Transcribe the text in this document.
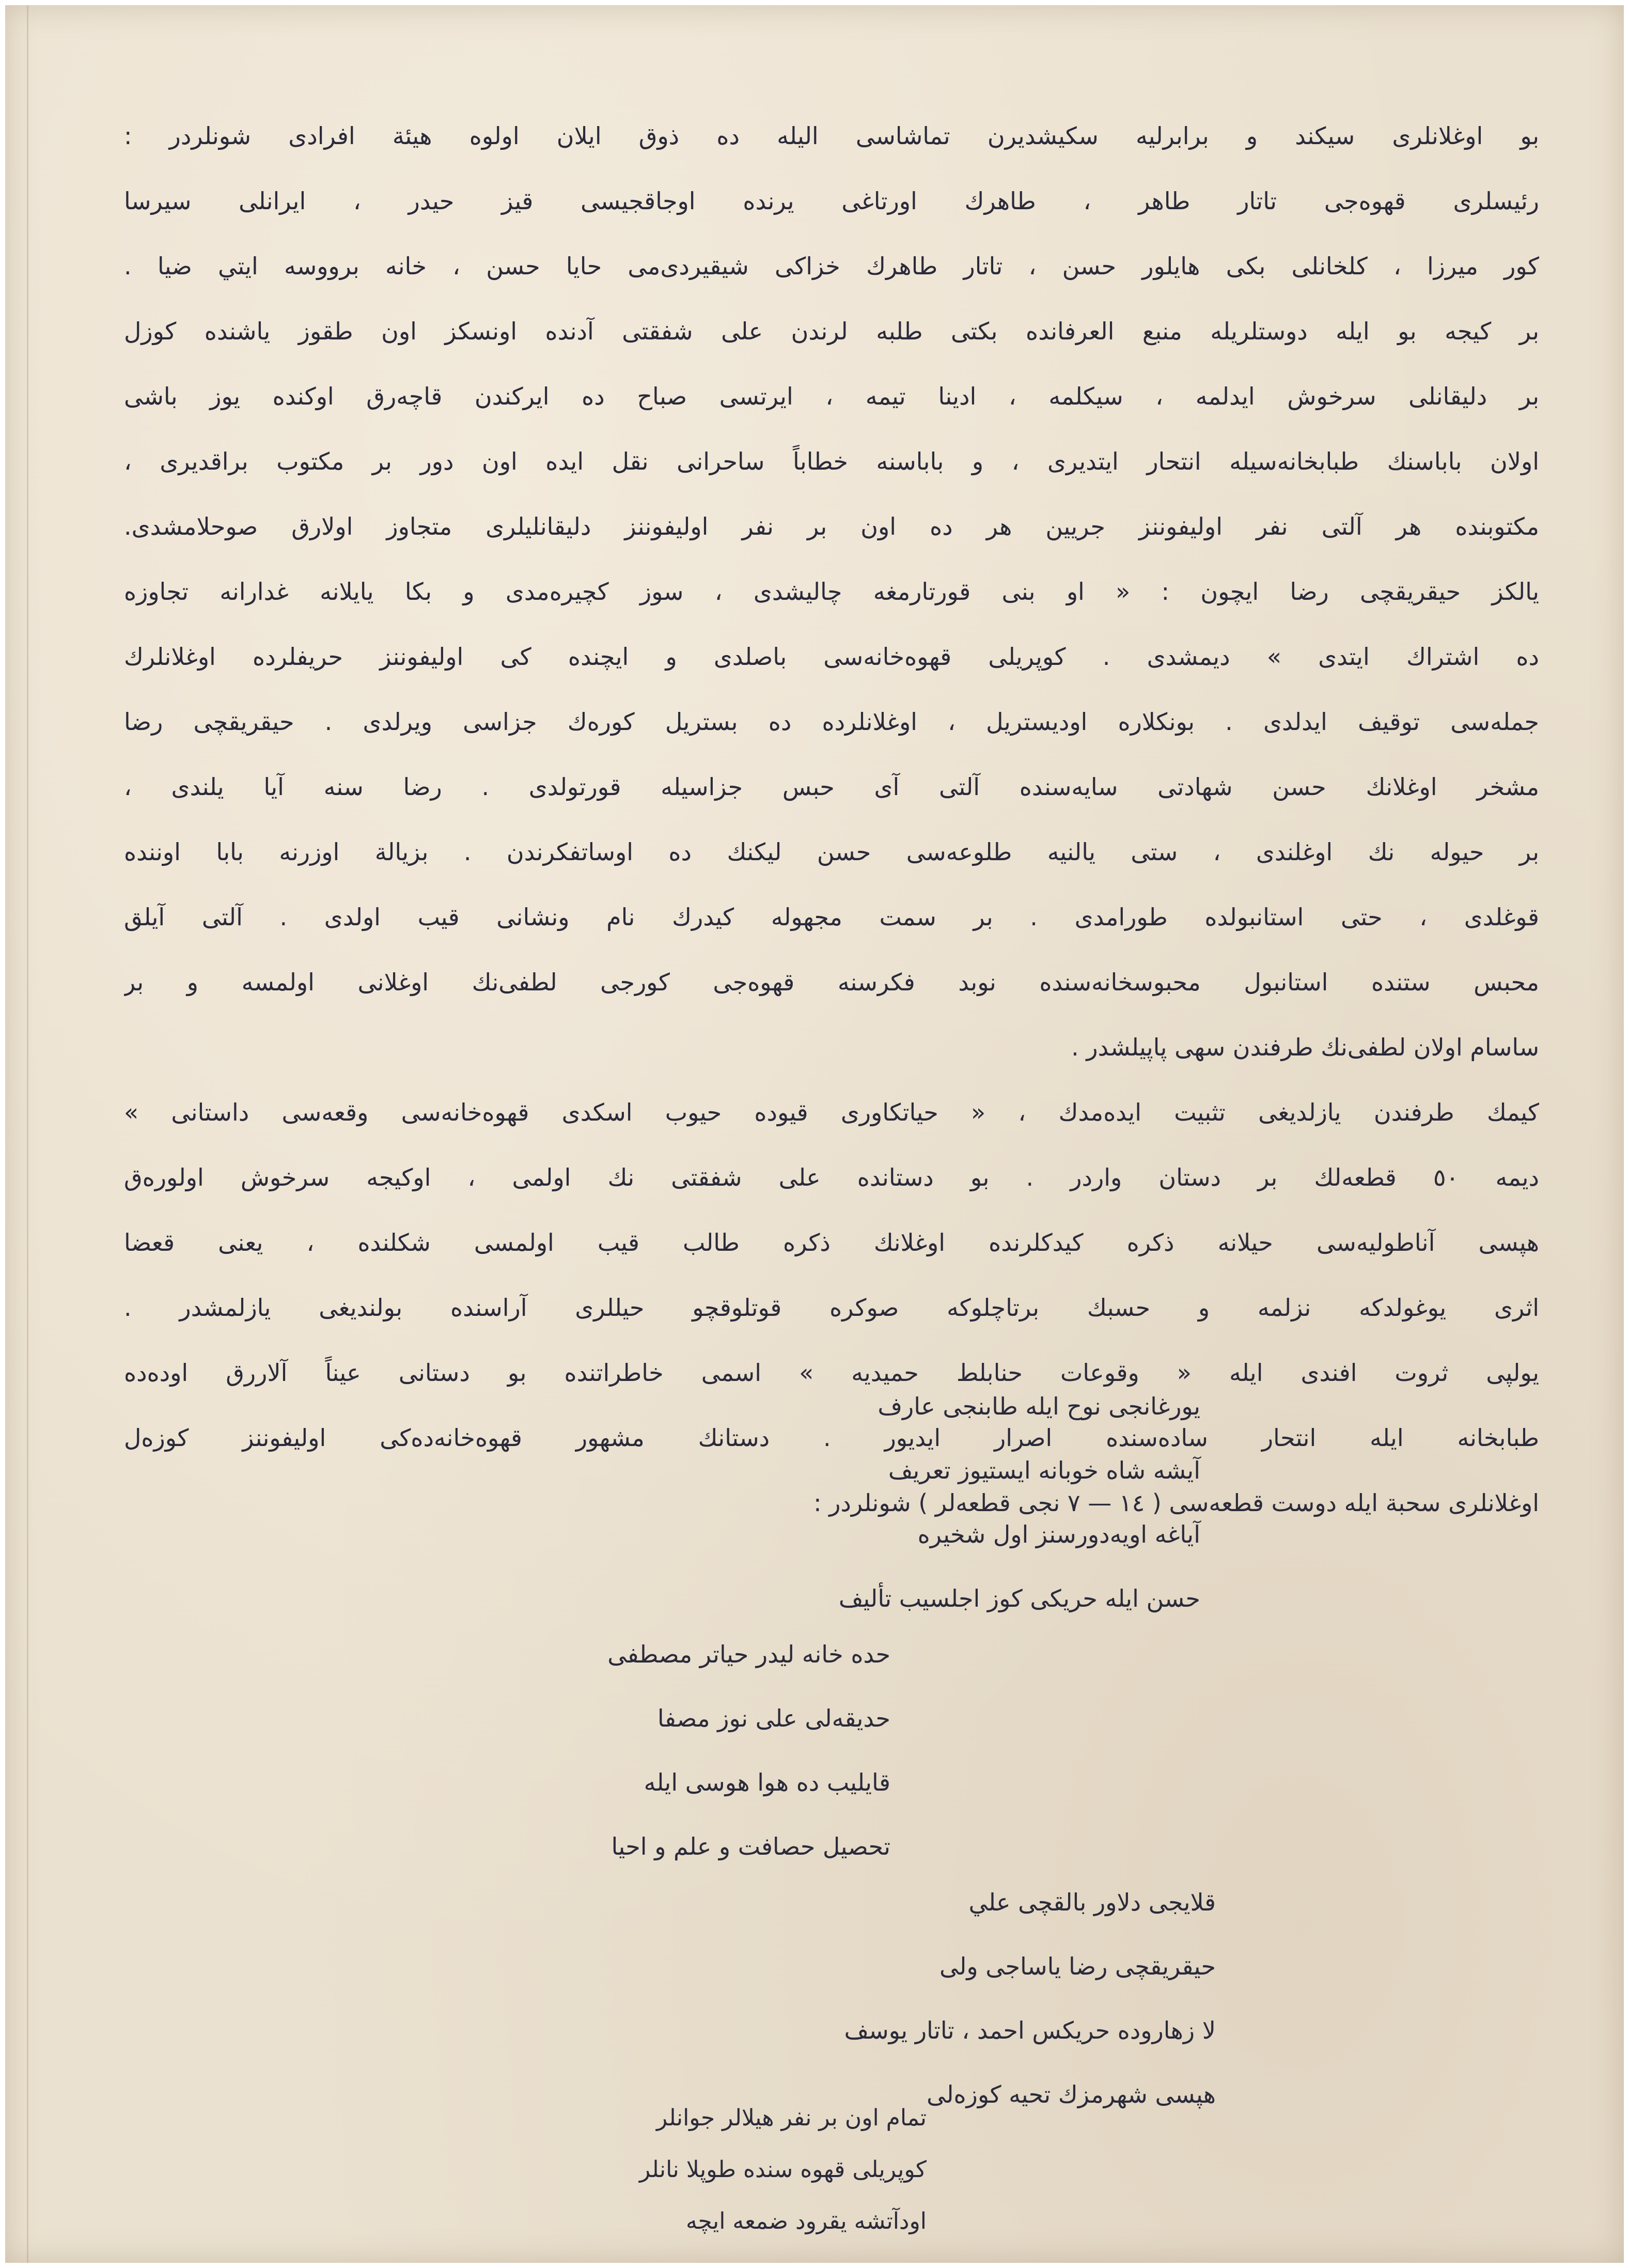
بو اوغلانلرى سيكند و برابرليه سكيشديرن تماشاسى اليله ده ذوق ايلان اولوه هيئة افرادى شونلردر :
رئيسلرى قهوه‌جى تاتار طاهر ، طاهرك اورتاغى يرنده اوجاقجيسى قيز حيدر ، ايرانلى سيرسا
كور ميرزا ، كلخانلى بكى هايلور حسن ، تاتار طاهرك خزاكى شيقيردى‌مى حايا حسن ، خانه برووسه ايتي ضيا .
بر كيجه بو ايله دوستلريله منبع العرفانده بكتى طلبه لرندن على شفقتى آدنده اونسكز اون طقوز ياشنده كوزل
بر دليقانلى سرخوش ايدلمه ، سيكلمه ، ادينا تيمه ، ايرتسى صباح ده ايركندن قاچه‌رق اوكنده يوز باشى
اولان باباسنك طبابخانه‌سيله انتحار ايتديرى ، و باباسنه خطاباً ساحرانى نقل ايده اون دور بر مكتوب براقديرى ،
مكتوبنده هر آلتى نفر اوليفوننز جريين هر ده اون بر نفر اوليفوننز دليقانليلرى متجاوز اولارق صوحلامشدى.
يالكز حيقريقچى رضا ايچون : « او بنى قورتارمغه چاليشدى ، سوز كچيره‌مدى و بكا يايلانه غدارانه تجاوزه
ده اشتراك ايتدى » ديمشدى . كوپريلى قهوه‌خانه‌سى باصلدى و ايچنده كى اوليفوننز حريفلرده اوغلانلرك
جمله‌سى توقيف ايدلدى . بونكلاره اوديستريل ، اوغلانلرده ده بستريل كوره‌ك جزاسى ويرلدى . حيقريقچى رضا
مشخر اوغلانك حسن شهادتى سايه‌سنده آلتى آى حبس جزاسيله قورتولدى . رضا سنه آيا يلندى ،
بر حيوله نك اوغلندى ، ستى يالنيه طلوعه‌سى حسن ليكنك ده اوساتفكرندن . بزيالة اوزرنه بابا اوننده
قوغلدى ، حتى استانبولده طورامدى . بر سمت مجهوله كيدرك نام ونشانى قيب اولدى . آلتى آيلق
محبس ستنده استانبول محبوسخانه‌سنده نوبد فكرسنه قهوه‌جى كورجى لطفى‌نك اوغلانى اولمسه و بر
ساسام اولان لطفى‌نك طرفندن سهى پاپيلشدر .
كيمك طرفندن يازلديغى تثبيت ايده‌مدك ، « حياتكاورى قيوده حيوب اسكدى قهوه‌خانه‌سى وقعه‌سى داستانى »
ديمه ٥٠ قطعه‌لك بر دستان واردر . بو دستانده على شفقتى نك اولمى ، اوكيجه سرخوش اولوره‌ق
هپسى آناطوليه‌سى حيلانه ذكره كيدكلرنده اوغلانك ذكره طالب قيب اولمسى شكلنده ، يعنى قعضا
اثرى يوغولدكه نزلمه و حسبك برتاچلوكه صوكره قوتلوقچو حيللرى آراسنده بولنديغى يازلمشدر .
يولپى ثروت افندى ايله « وقوعات حنابلط حميديه » اسمى خاطراتنده بو دستانى عيناً آلاررق اوده‌ده
طبابخانه ايله انتحار ساده‌سنده اصرار ايديور . دستانك مشهور قهوه‌خانه‌ده‌كى اوليفوننز كوزه‌ل
اوغلانلرى سحبة ايله دوست قطعه‌سى ( ١٤ — ٧ نجى قطعه‌لر ) شونلردر :
يورغانجى نوح ايله طابنجى عارف
آيشه شاه خوبانه ايستيوز تعريف
آياغه اويه‌دورسنز اول شخيره
حسن ايله حريكى كوز اجلسيب تأليف
حده خانه ليدر حياتر مصطفى
حديقه‌لى على نوز مصفا
قايليب ده هوا هوسى ايله
تحصيل حصافت و علم و احيا
قلايجى دلاور بالقچى علي
حيقريقچى رضا ياساجى ولى
لا زهاروده حريكس احمد ، تاتار يوسف
هپسى شهرمزك تحيه كوزه‌لى
تمام اون بر نفر هيلالر جوانلر
كوپريلى قهوه سنده طوپلا نانلر
اودآتشه يقرود ضمعه ايچه
